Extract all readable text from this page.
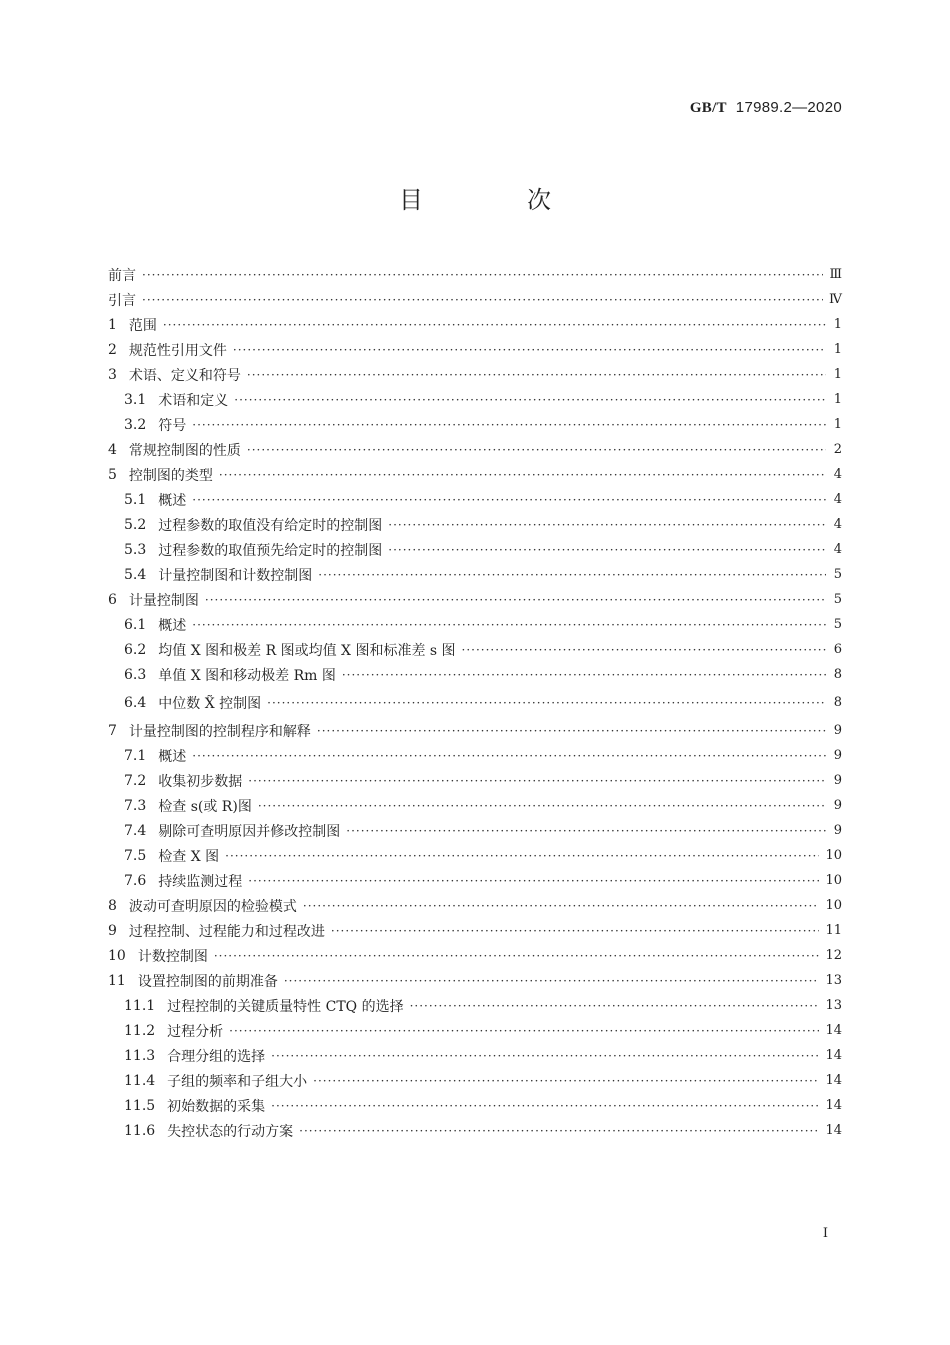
GB/T 17989.2—2020
目　次
前言 ·····	Ⅲ
引言 ·····	Ⅳ
1 范围 ·····	1
2 规范性引用文件 ·····	1
3 术语、定义和符号 ·····	1
3.1 术语和定义 ·····	1
3.2 符号 ·····	1
4 常规控制图的性质 ·····	2
5 控制图的类型 ·····	4
5.1 概述 ·····	4
5.2 过程参数的取值没有给定时的控制图 ·····	4
5.3 过程参数的取值预先给定时的控制图 ·····	4
5.4 计量控制图和计数控制图 ·····	5
6 计量控制图 ·····	5
6.1 概述 ·····	5
6.2 均值 X 图和极差 R 图或均值 X 图和标准差 s 图 ·····	6
6.3 单值 X 图和移动极差 Rm 图 ·····	8
6.4 中位数 X̃ 控制图 ·····	8
7 计量控制图的控制程序和解释 ·····	9
7.1 概述 ·····	9
7.2 收集初步数据 ·····	9
7.3 检查 s(或 R)图 ·····	9
7.4 剔除可查明原因并修改控制图 ·····	9
7.5 检查 X 图 ·····	10
7.6 持续监测过程 ·····	10
8 波动可查明原因的检验模式 ·····	10
9 过程控制、过程能力和过程改进 ·····	11
10 计数控制图 ·····	12
11 设置控制图的前期准备 ·····	13
11.1 过程控制的关键质量特性 CTQ 的选择 ·····	13
11.2 过程分析 ·····	14
11.3 合理分组的选择 ·····	14
11.4 子组的频率和子组大小 ·····	14
11.5 初始数据的采集 ·····	14
11.6 失控状态的行动方案 ·····	14
I
